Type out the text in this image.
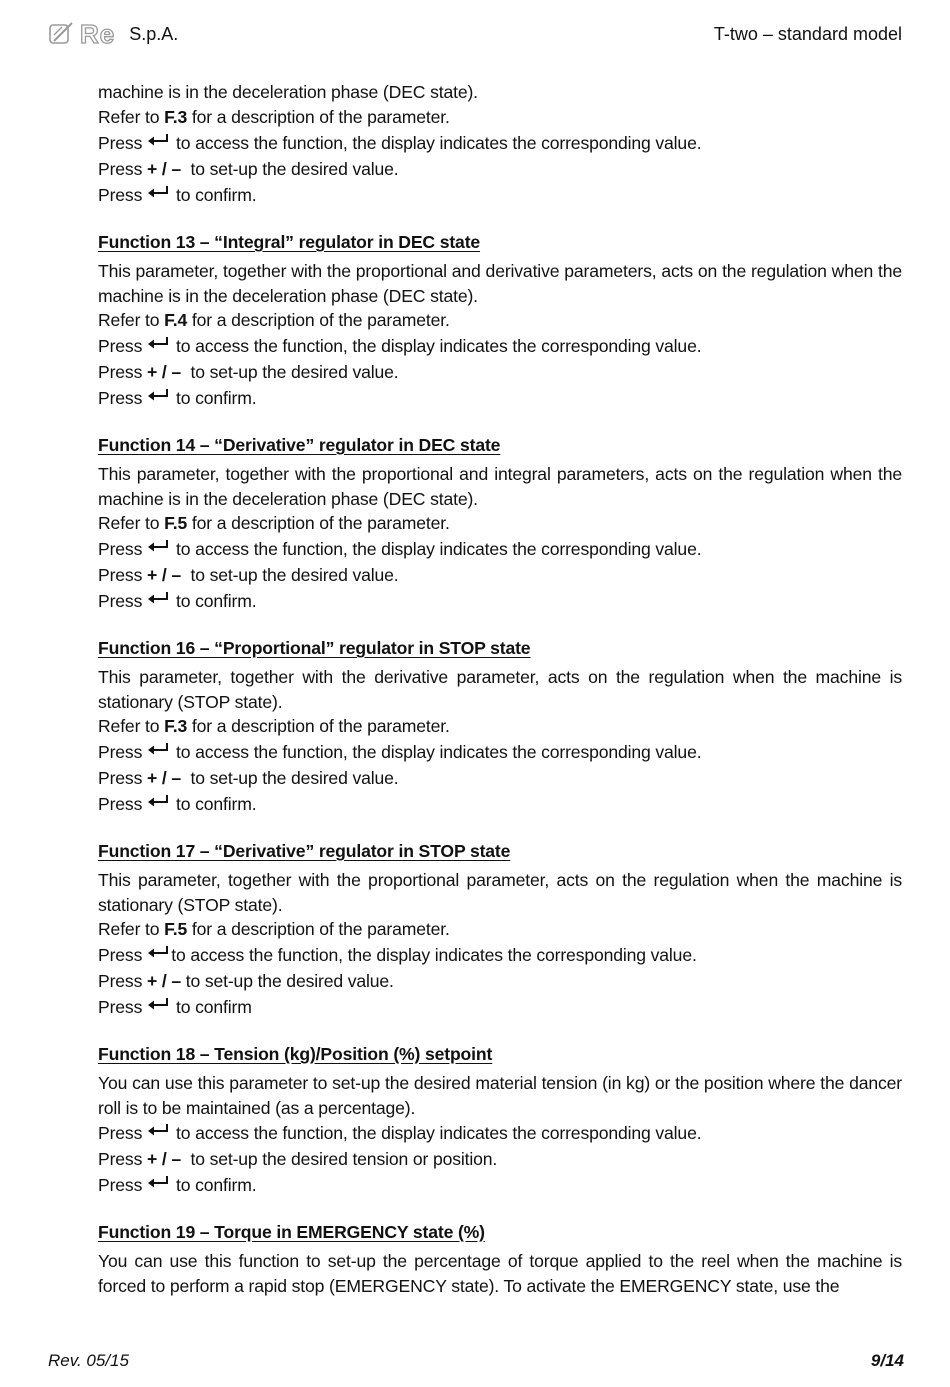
Re S.p.A.	T-two – standard model
machine is in the deceleration phase (DEC state).
Refer to F.3 for a description of the parameter.
Press to access the function, the display indicates the corresponding value.
Press + / – to set-up the desired value.
Press to confirm.
Function 13 – “Integral” regulator in DEC state

This parameter, together with the proportional and derivative parameters, acts on the regulation when the machine is in the deceleration phase (DEC state).

Refer to F.4 for a description of the parameter.
Press to access the function, the display indicates the corresponding value.
Press + / – to set-up the desired value.
Press to confirm.
Function 14 – “Derivative” regulator in DEC state

This parameter, together with the proportional and integral parameters, acts on the regulation when the machine is in the deceleration phase (DEC state).

Refer to F.5 for a description of the parameter.
Press to access the function, the display indicates the corresponding value.
Press + / – to set-up the desired value.
Press to confirm.
Function 16 – “Proportional” regulator in STOP state

This parameter, together with the derivative parameter, acts on the regulation when the machine is stationary (STOP state).

Refer to F.3 for a description of the parameter.
Press to access the function, the display indicates the corresponding value.
Press + / – to set-up the desired value.
Press to confirm.
Function 17 – “Derivative” regulator in STOP state

This parameter, together with the proportional parameter, acts on the regulation when the machine is stationary (STOP state).

Refer to F.5 for a description of the parameter.
Press to access the function, the display indicates the corresponding value.
Press + / – to set-up the desired value.
Press to confirm
Function 18 – Tension (kg)/Position (%) setpoint

You can use this parameter to set-up the desired material tension (in kg) or the position where the dancer roll is to be maintained (as a percentage).

Press to access the function, the display indicates the corresponding value.
Press + / – to set-up the desired tension or position.
Press to confirm.
Function 19 – Torque in EMERGENCY state (%)

You can use this function to set-up the percentage of torque applied to the reel when the machine is forced to perform a rapid stop (EMERGENCY state). To activate the EMERGENCY state, use the

Rev. 05/15	9/14
